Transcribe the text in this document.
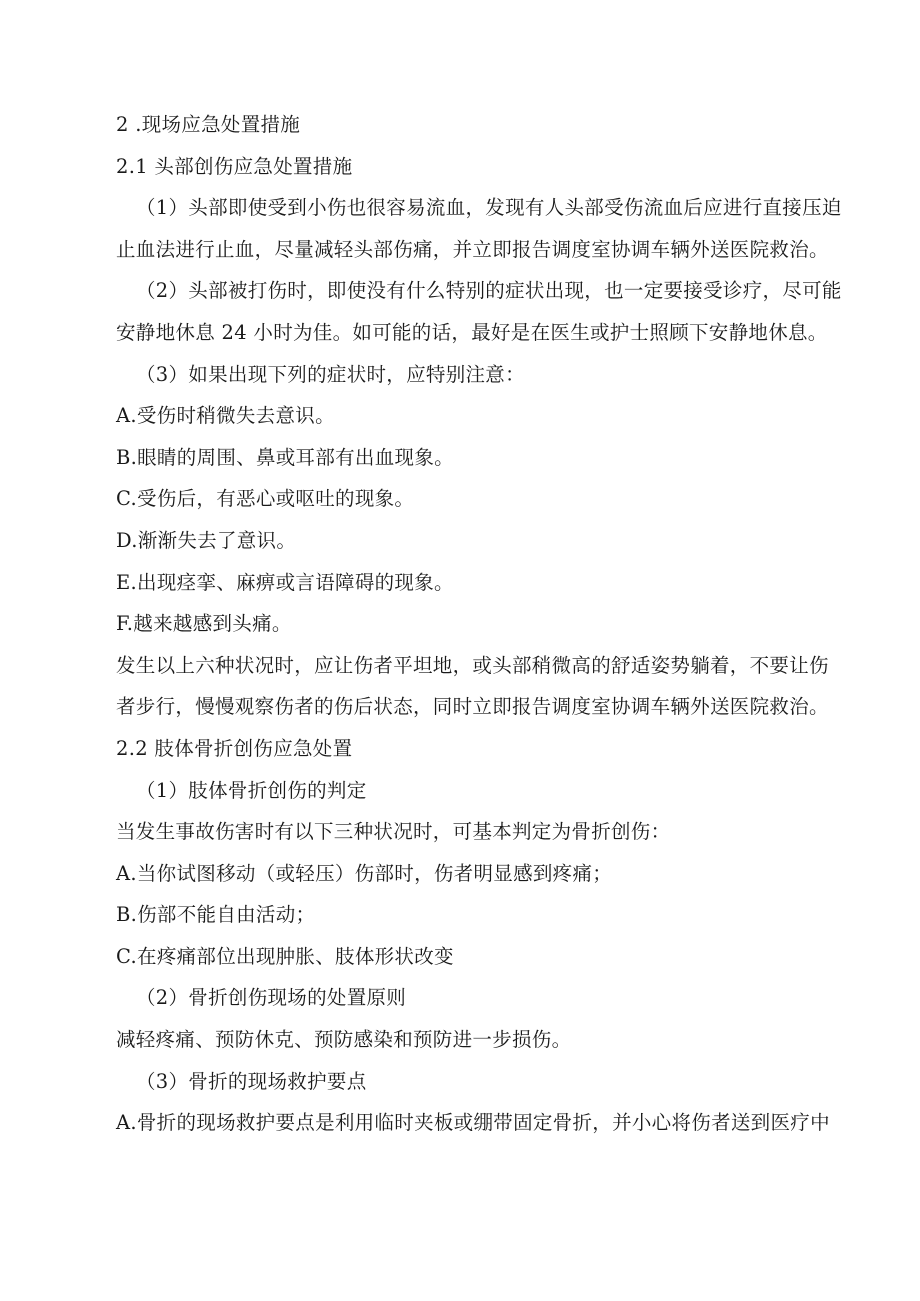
2 .现场应急处置措施

2.1 头部创伤应急处置措施

（1）头部即使受到小伤也很容易流血，发现有人头部受伤流血后应进行直接压迫

止血法进行止血，尽量减轻头部伤痛，并立即报告调度室协调车辆外送医院救治。

（2）头部被打伤时，即使没有什么特别的症状出现，也一定要接受诊疗，尽可能

安静地休息 24 小时为佳。如可能的话，最好是在医生或护士照顾下安静地休息。

（3）如果出现下列的症状时，应特别注意：

A.受伤时稍微失去意识。

B.眼睛的周围、鼻或耳部有出血现象。

C.受伤后，有恶心或呕吐的现象。

D.渐渐失去了意识。

E.出现痉挛、麻痹或言语障碍的现象。

F.越来越感到头痛。

发生以上六种状况时，应让伤者平坦地，或头部稍微高的舒适姿势躺着，不要让伤

者步行，慢慢观察伤者的伤后状态，同时立即报告调度室协调车辆外送医院救治。

2.2 肢体骨折创伤应急处置

（1）肢体骨折创伤的判定

当发生事故伤害时有以下三种状况时，可基本判定为骨折创伤：

A.当你试图移动（或轻压）伤部时，伤者明显感到疼痛；

B.伤部不能自由活动；

C.在疼痛部位出现肿胀、肢体形状改变

（2）骨折创伤现场的处置原则

减轻疼痛、预防休克、预防感染和预防进一步损伤。

（3）骨折的现场救护要点

A.骨折的现场救护要点是利用临时夹板或绷带固定骨折，并小心将伤者送到医疗中
